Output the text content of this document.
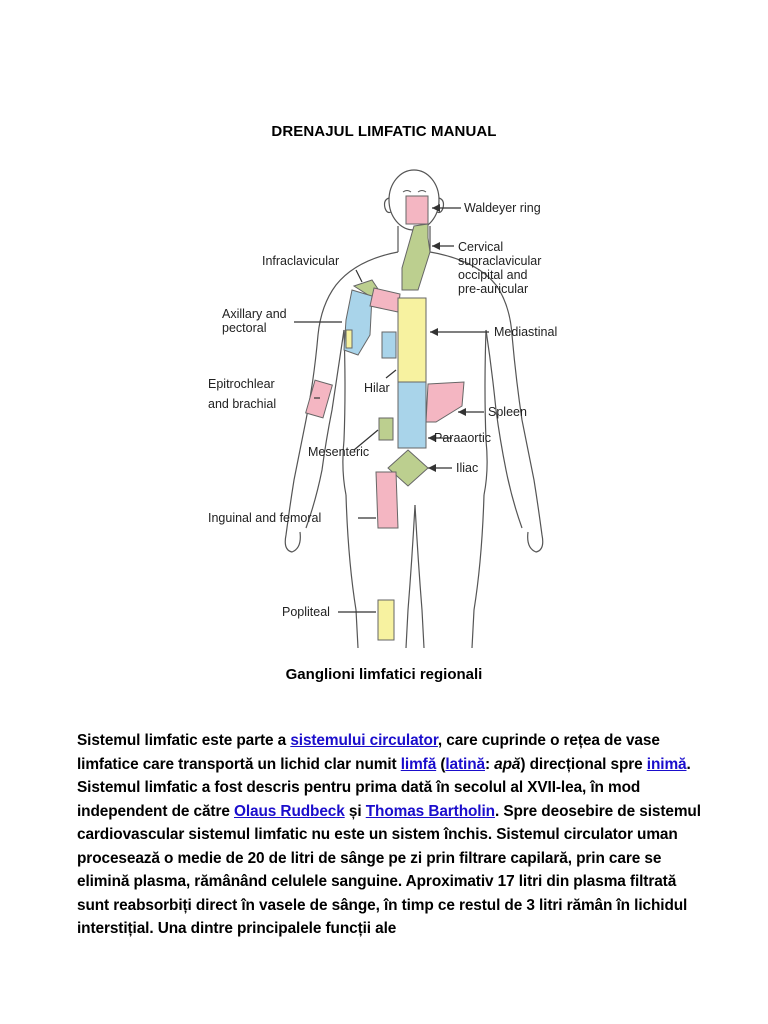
DRENAJUL LIMFATIC MANUAL
Waldeyer ring
Cervical
supraclavicular
occipital and
pre-auricular
Infraclavicular
Axillary and
pectoral	Mediastinal
Epitrochlear
and brachial
Hilar
Spleen
Paraaortic
Mesenteric
Iliac
Inguinal and femoral
Popliteal
Ganglioni limfatici regionali
Sistemul limfatic este parte a sistemului circulator, care cuprinde o rețea de vase limfatice care transportă un lichid clar numit limfă (latină: apă) direcțional spre inimă. Sistemul limfatic a fost descris pentru prima dată în secolul al XVII-lea, în mod independent de către Olaus Rudbeck și Thomas Bartholin. Spre deosebire de sistemul cardiovascular sistemul limfatic nu este un sistem închis. Sistemul circulator uman procesează o medie de 20 de litri de sânge pe zi prin filtrare capilară, prin care se elimină plasma, rămânând celulele sanguine. Aproximativ 17 litri din plasma filtrată sunt reabsorbiți direct în vasele de sânge, în timp ce restul de 3 litri rămân în lichidul interstițial. Una dintre principalele funcții ale
